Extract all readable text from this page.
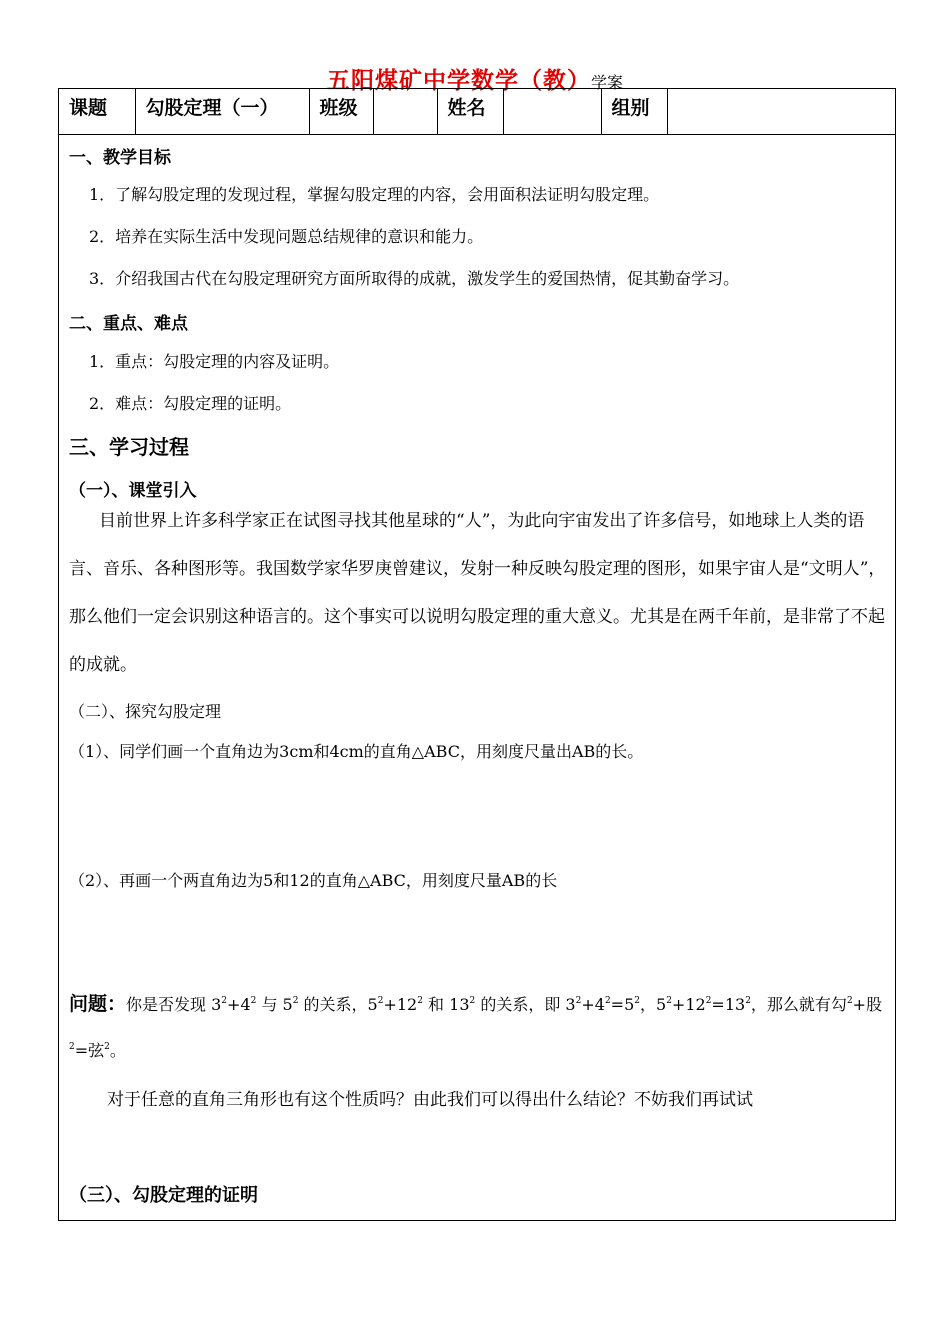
五阳煤矿中学数学（教）学案
课题	勾股定理（一）	班级		姓名		组别	
一、教学目标
1．了解勾股定理的发现过程，掌握勾股定理的内容，会用面积法证明勾股定理。
2．培养在实际生活中发现问题总结规律的意识和能力。
3．介绍我国古代在勾股定理研究方面所取得的成就，激发学生的爱国热情，促其勤奋学习。
二、重点、难点
1．重点：勾股定理的内容及证明。
2．难点：勾股定理的证明。
三、学习过程
（一）、课堂引入
目前世界上许多科学家正在试图寻找其他星球的“人”，为此向宇宙发出了许多信号，如地球上人类的语言、音乐、各种图形等。我国数学家华罗庚曾建议，发射一种反映勾股定理的图形，如果宇宙人是“文明人”，那么他们一定会识别这种语言的。这个事实可以说明勾股定理的重大意义。尤其是在两千年前，是非常了不起的成就。
（二）、探究勾股定理
（1）、同学们画一个直角边为3cm和4cm的直角△ABC，用刻度尺量出AB的长。
（2）、再画一个两直角边为5和12的直角△ABC，用刻度尺量AB的长
问题：你是否发现 $3^2+4^2$ 与 $5^2$ 的关系，$5^2+12^2$ 和 $13^2$ 的关系，即 $3^2+4^2=5^2$，$5^2+12^2=13^2$，那么就有勾$^2$+股$^2$=弦$^2$。
对于任意的直角三角形也有这个性质吗？由此我们可以得出什么结论？不妨我们再试试
（三）、勾股定理的证明
